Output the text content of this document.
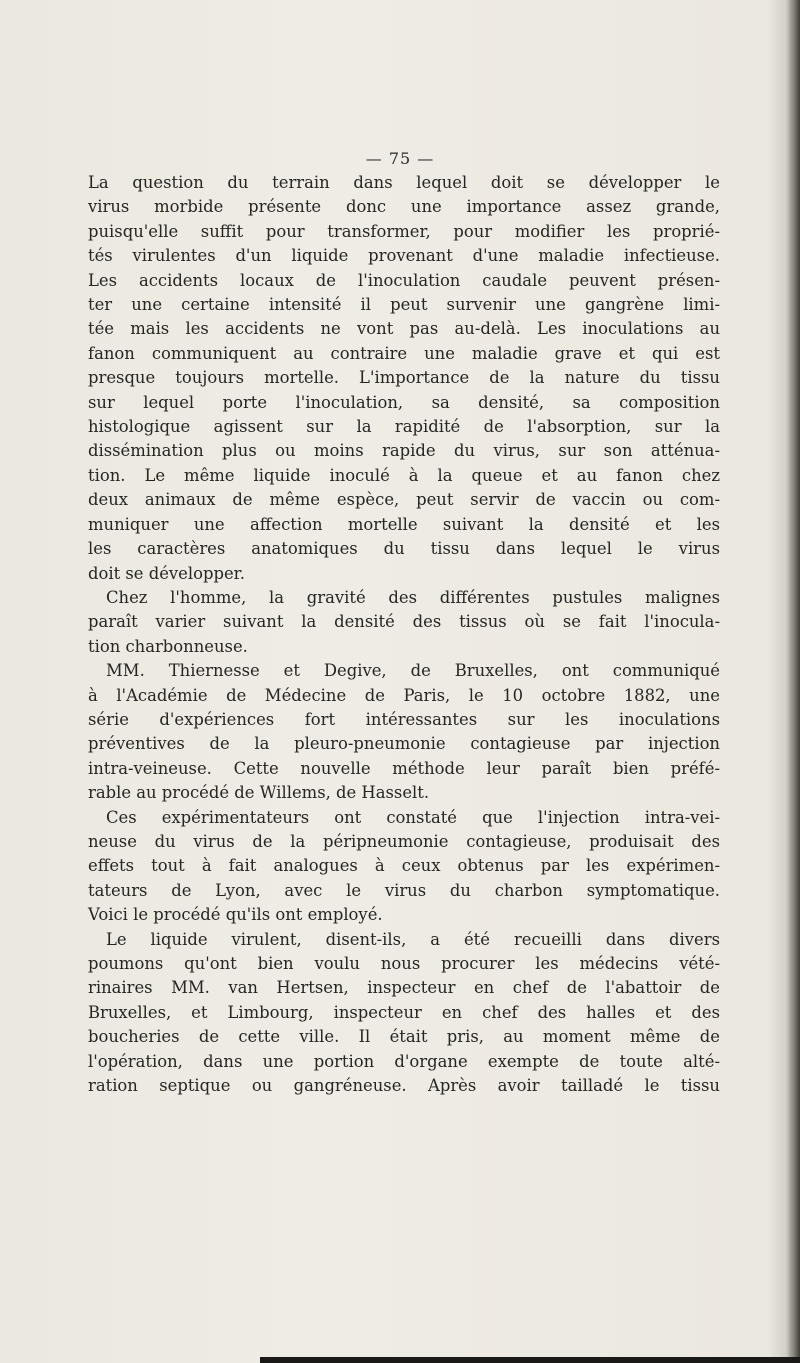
— 75 —
La question du terrain dans lequel doit se développer le
virus morbide présente donc une importance assez grande,
puisqu'elle suffit pour transformer, pour modifier les proprié-
tés virulentes d'un liquide provenant d'une maladie infectieuse.
Les accidents locaux de l'inoculation caudale peuvent présen-
ter une certaine intensité il peut survenir une gangrène limi-
tée mais les accidents ne vont pas au-delà. Les inoculations au
fanon communiquent au contraire une maladie grave et qui est
presque toujours mortelle. L'importance de la nature du tissu
sur lequel porte l'inoculation, sa densité, sa composition
histologique agissent sur la rapidité de l'absorption, sur la
dissémination plus ou moins rapide du virus, sur son atténua-
tion. Le même liquide inoculé à la queue et au fanon chez
deux animaux de même espèce, peut servir de vaccin ou com-
muniquer une affection mortelle suivant la densité et les
les caractères anatomiques du tissu dans lequel le virus
doit se développer.
Chez l'homme, la gravité des différentes pustules malignes
paraît varier suivant la densité des tissus où se fait l'inocula-
tion charbonneuse.
MM. Thiernesse et Degive, de Bruxelles, ont communiqué
à l'Académie de Médecine de Paris, le 10 octobre 1882, une
série d'expériences fort intéressantes sur les inoculations
préventives de la pleuro-pneumonie contagieuse par injection
intra-veineuse. Cette nouvelle méthode leur paraît bien préfé-
rable au procédé de Willems, de Hasselt.
Ces expérimentateurs ont constaté que l'injection intra-vei-
neuse du virus de la péripneumonie contagieuse, produisait des
effets tout à fait analogues à ceux obtenus par les expérimen-
tateurs de Lyon, avec le virus du charbon symptomatique.
Voici le procédé qu'ils ont employé.
Le liquide virulent, disent-ils, a été recueilli dans divers
poumons qu'ont bien voulu nous procurer les médecins vété-
rinaires MM. van Hertsen, inspecteur en chef de l'abattoir de
Bruxelles, et Limbourg, inspecteur en chef des halles et des
boucheries de cette ville. Il était pris, au moment même de
l'opération, dans une portion d'organe exempte de toute alté-
ration septique ou gangréneuse. Après avoir tailladé le tissu
